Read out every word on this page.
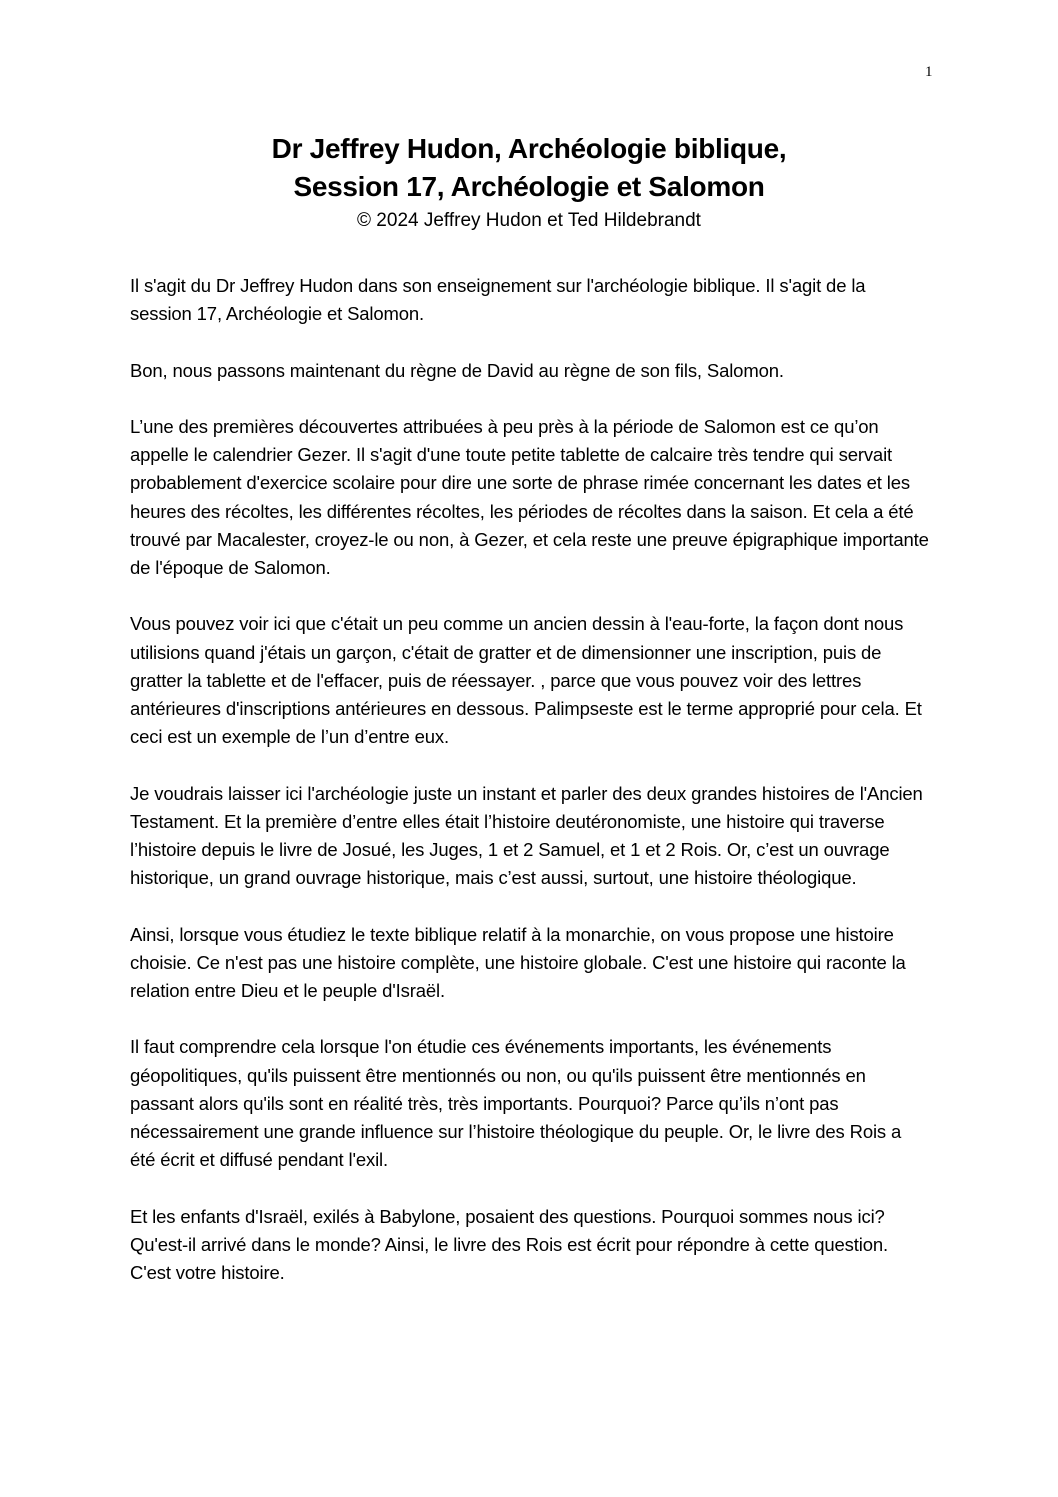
1
Dr Jeffrey Hudon, Archéologie biblique,
Session 17, Archéologie et Salomon
© 2024 Jeffrey Hudon et Ted Hildebrandt

Il s'agit du Dr Jeffrey Hudon dans son enseignement sur l'archéologie biblique. Il s'agit de la session 17, Archéologie et Salomon.

Bon, nous passons maintenant du règne de David au règne de son fils, Salomon.

L’une des premières découvertes attribuées à peu près à la période de Salomon est ce qu’on appelle le calendrier Gezer. Il s'agit d'une toute petite tablette de calcaire très tendre qui servait probablement d'exercice scolaire pour dire une sorte de phrase rimée concernant les dates et les heures des récoltes, les différentes récoltes, les périodes de récoltes dans la saison. Et cela a été trouvé par Macalester, croyez-le ou non, à Gezer, et cela reste une preuve épigraphique importante de l'époque de Salomon.

Vous pouvez voir ici que c'était un peu comme un ancien dessin à l'eau-forte, la façon dont nous utilisions quand j'étais un garçon, c'était de gratter et de dimensionner une inscription, puis de gratter la tablette et de l'effacer, puis de réessayer. , parce que vous pouvez voir des lettres antérieures d'inscriptions antérieures en dessous. Palimpseste est le terme approprié pour cela. Et ceci est un exemple de l’un d’entre eux.

Je voudrais laisser ici l'archéologie juste un instant et parler des deux grandes histoires de l'Ancien Testament. Et la première d’entre elles était l’histoire deutéronomiste, une histoire qui traverse l’histoire depuis le livre de Josué, les Juges, 1 et 2 Samuel, et 1 et 2 Rois. Or, c’est un ouvrage historique, un grand ouvrage historique, mais c’est aussi, surtout, une histoire théologique.

Ainsi, lorsque vous étudiez le texte biblique relatif à la monarchie, on vous propose une histoire choisie. Ce n'est pas une histoire complète, une histoire globale. C'est une histoire qui raconte la relation entre Dieu et le peuple d'Israël.

Il faut comprendre cela lorsque l'on étudie ces événements importants, les événements géopolitiques, qu'ils puissent être mentionnés ou non, ou qu'ils puissent être mentionnés en passant alors qu'ils sont en réalité très, très importants. Pourquoi? Parce qu’ils n’ont pas nécessairement une grande influence sur l’histoire théologique du peuple. Or, le livre des Rois a été écrit et diffusé pendant l'exil.

Et les enfants d'Israël, exilés à Babylone, posaient des questions. Pourquoi sommes nous ici? Qu'est-il arrivé dans le monde? Ainsi, le livre des Rois est écrit pour répondre à cette question. C'est votre histoire.
